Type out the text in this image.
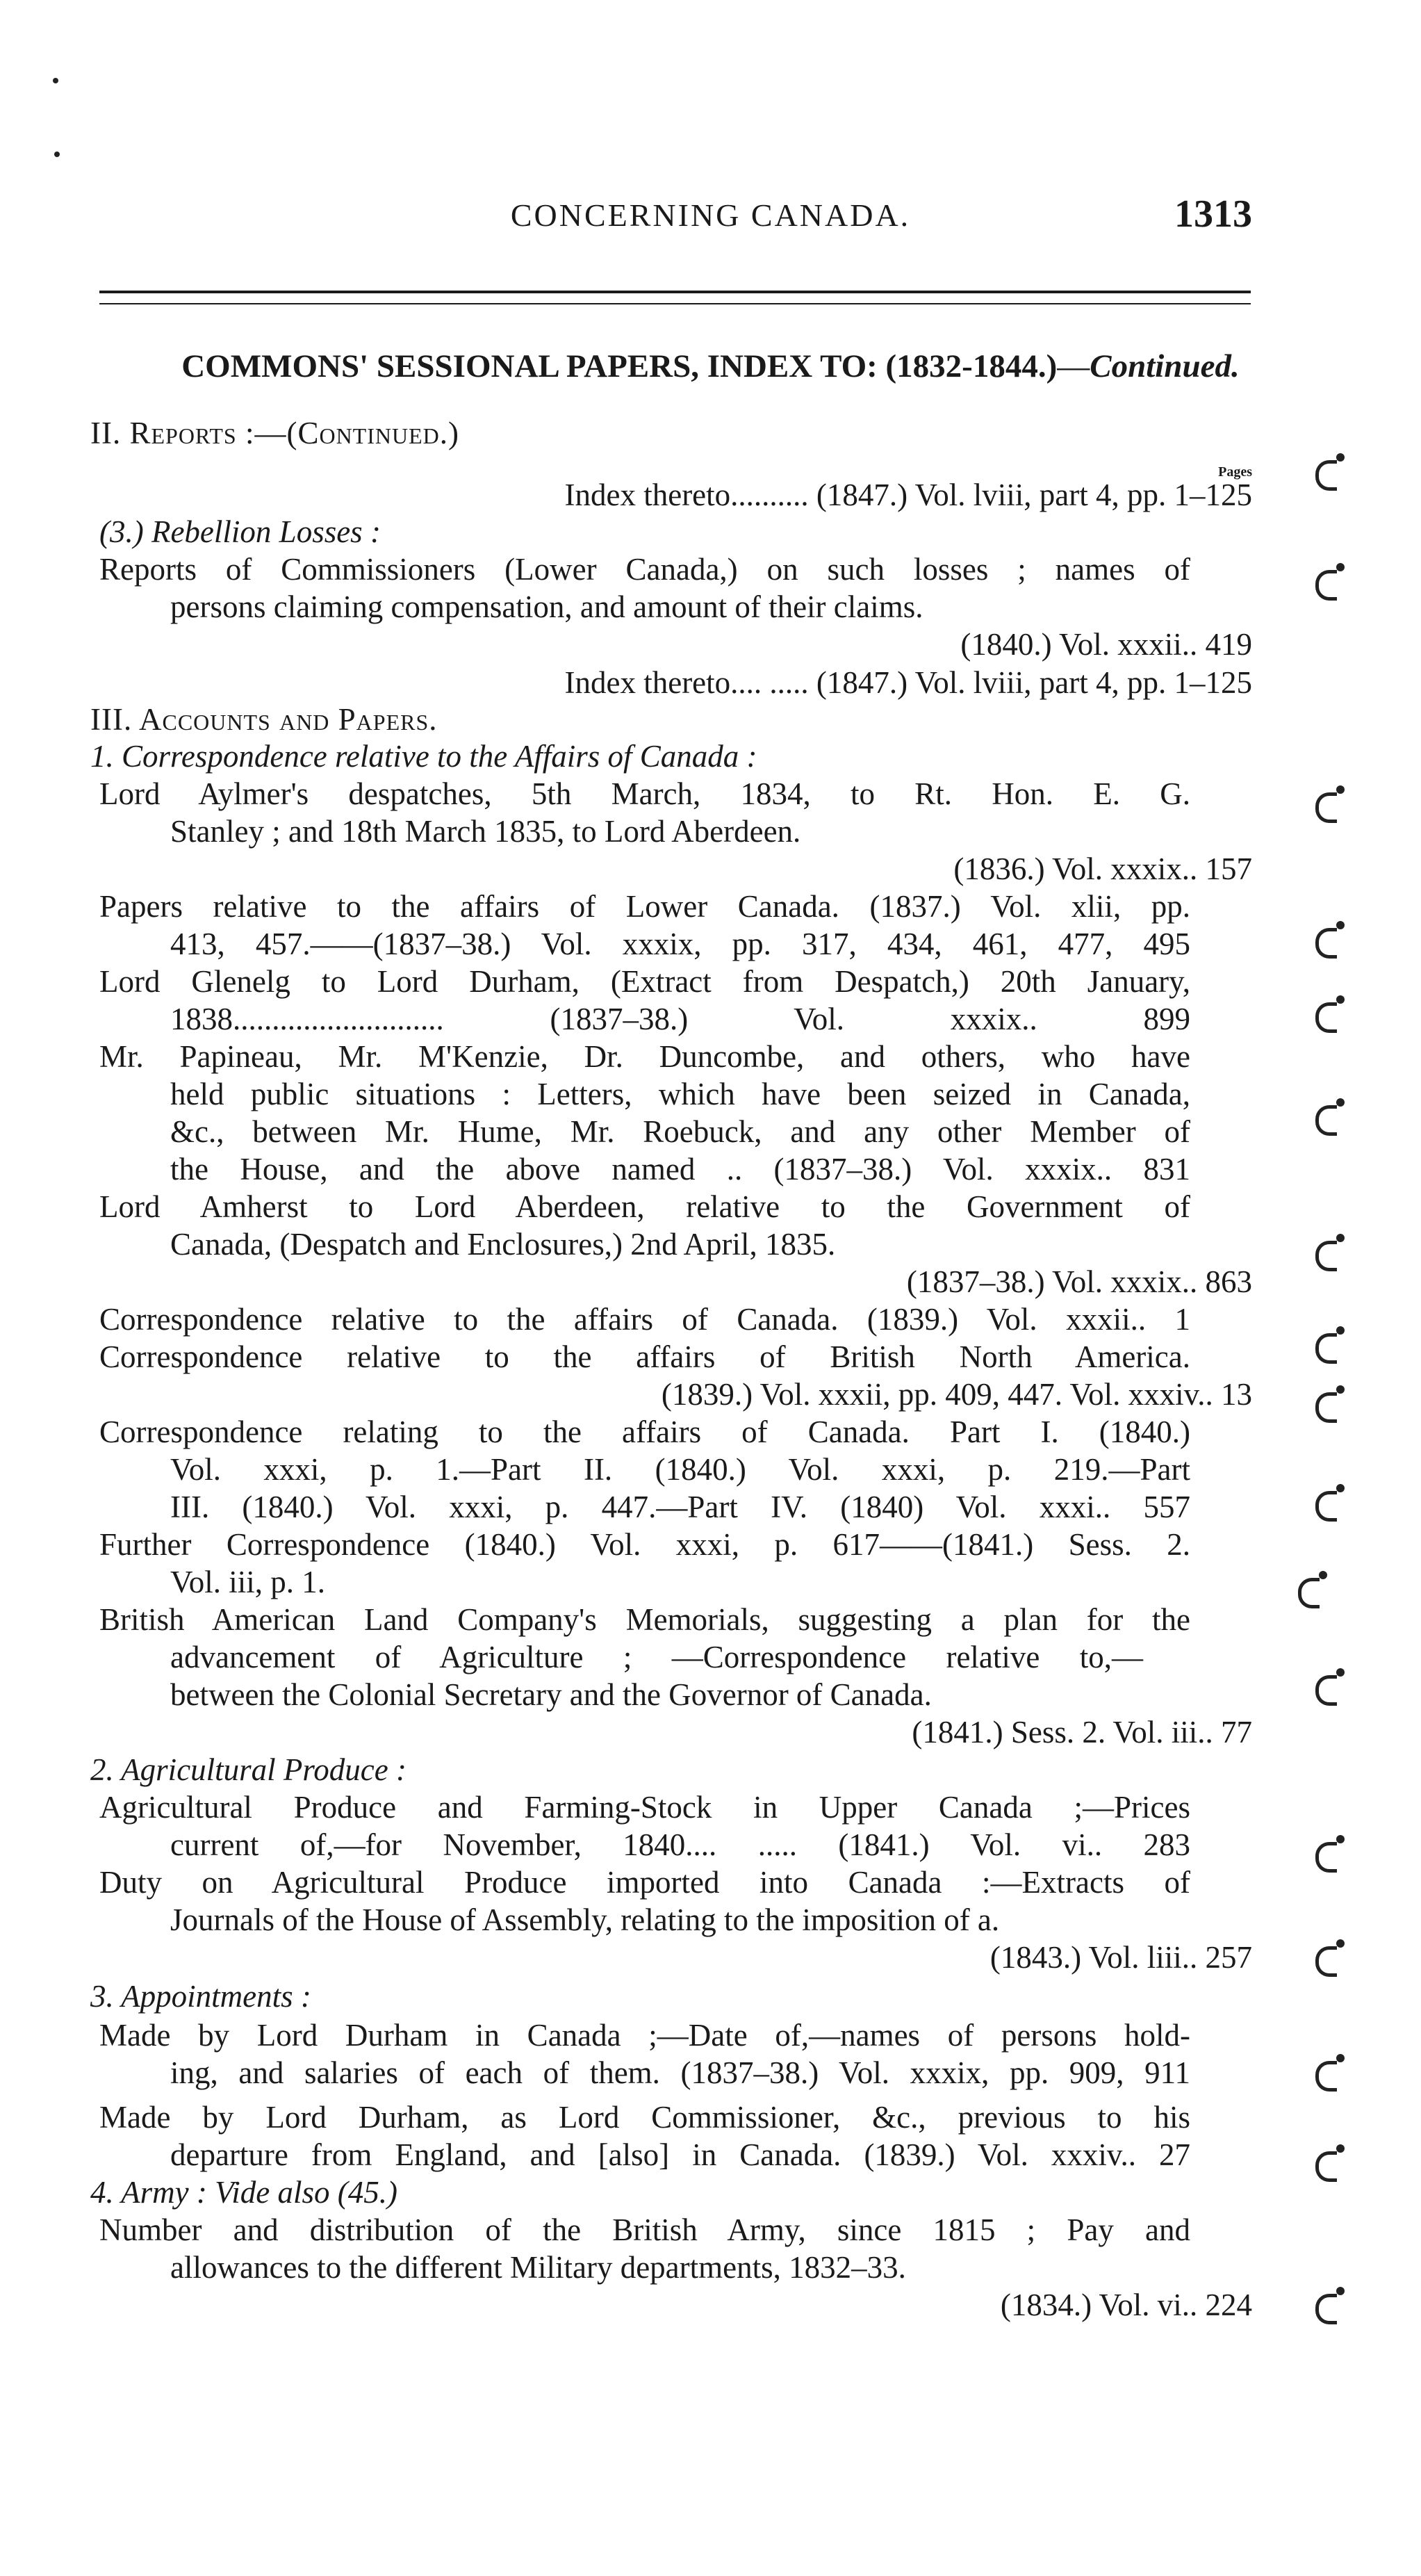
CONCERNING CANADA.	1313
COMMONS' SESSIONAL PAPERS, INDEX TO: (1832-1844.)—Continued.
Pages
II. Reports :—(Continued.)
Index thereto.......... (1847.) Vol. lviii, part 4, pp. 1–125
(3.) Rebellion Losses :
Reports of Commissioners (Lower Canada,) on such losses ; names of
persons claiming compensation, and amount of their claims.
(1840.) Vol. xxxii.. 419
Index thereto.... ..... (1847.) Vol. lviii, part 4, pp. 1–125
III. Accounts and Papers.
1. Correspondence relative to the Affairs of Canada :
Lord Aylmer's despatches, 5th March, 1834, to Rt. Hon. E. G.
Stanley ; and 18th March 1835, to Lord Aberdeen.
(1836.) Vol. xxxix.. 157
Papers relative to the affairs of Lower Canada. (1837.) Vol. xlii, pp.
413, 457.——(1837–38.) Vol. xxxix, pp. 317, 434, 461, 477, 495
Lord Glenelg to Lord Durham, (Extract from Despatch,) 20th January,
1838........................... (1837–38.) Vol. xxxix.. 899
Mr. Papineau, Mr. M'Kenzie, Dr. Duncombe, and others, who have
held public situations : Letters, which have been seized in Canada,
&c., between Mr. Hume, Mr. Roebuck, and any other Member of
the House, and the above named .. (1837–38.) Vol. xxxix.. 831
Lord Amherst to Lord Aberdeen, relative to the Government of
Canada, (Despatch and Enclosures,) 2nd April, 1835.
(1837–38.) Vol. xxxix.. 863
Correspondence relative to the affairs of Canada. (1839.) Vol. xxxii.. 1
Correspondence relative to the affairs of British North America.
(1839.) Vol. xxxii, pp. 409, 447. Vol. xxxiv.. 13
Correspondence relating to the affairs of Canada. Part I. (1840.)
Vol. xxxi, p. 1.—Part II. (1840.) Vol. xxxi, p. 219.—Part
III. (1840.) Vol. xxxi, p. 447.—Part IV. (1840) Vol. xxxi.. 557
Further Correspondence (1840.) Vol. xxxi, p. 617——(1841.) Sess. 2.
Vol. iii, p. 1.
British American Land Company's Memorials, suggesting a plan for the
advancement of Agriculture ; —Correspondence relative to,—
between the Colonial Secretary and the Governor of Canada.
(1841.) Sess. 2. Vol. iii.. 77
2. Agricultural Produce :
Agricultural Produce and Farming-Stock in Upper Canada ;—Prices
current of,—for November, 1840.... ..... (1841.) Vol. vi.. 283
Duty on Agricultural Produce imported into Canada :—Extracts of
Journals of the House of Assembly, relating to the imposition of a.
(1843.) Vol. liii.. 257
3. Appointments :
Made by Lord Durham in Canada ;—Date of,—names of persons hold-
ing, and salaries of each of them. (1837–38.) Vol. xxxix, pp. 909, 911
Made by Lord Durham, as Lord Commissioner, &c., previous to his
departure from England, and [also] in Canada. (1839.) Vol. xxxiv.. 27
4. Army : Vide also (45.)
Number and distribution of the British Army, since 1815 ; Pay and
allowances to the different Military departments, 1832–33.
(1834.) Vol. vi.. 224
